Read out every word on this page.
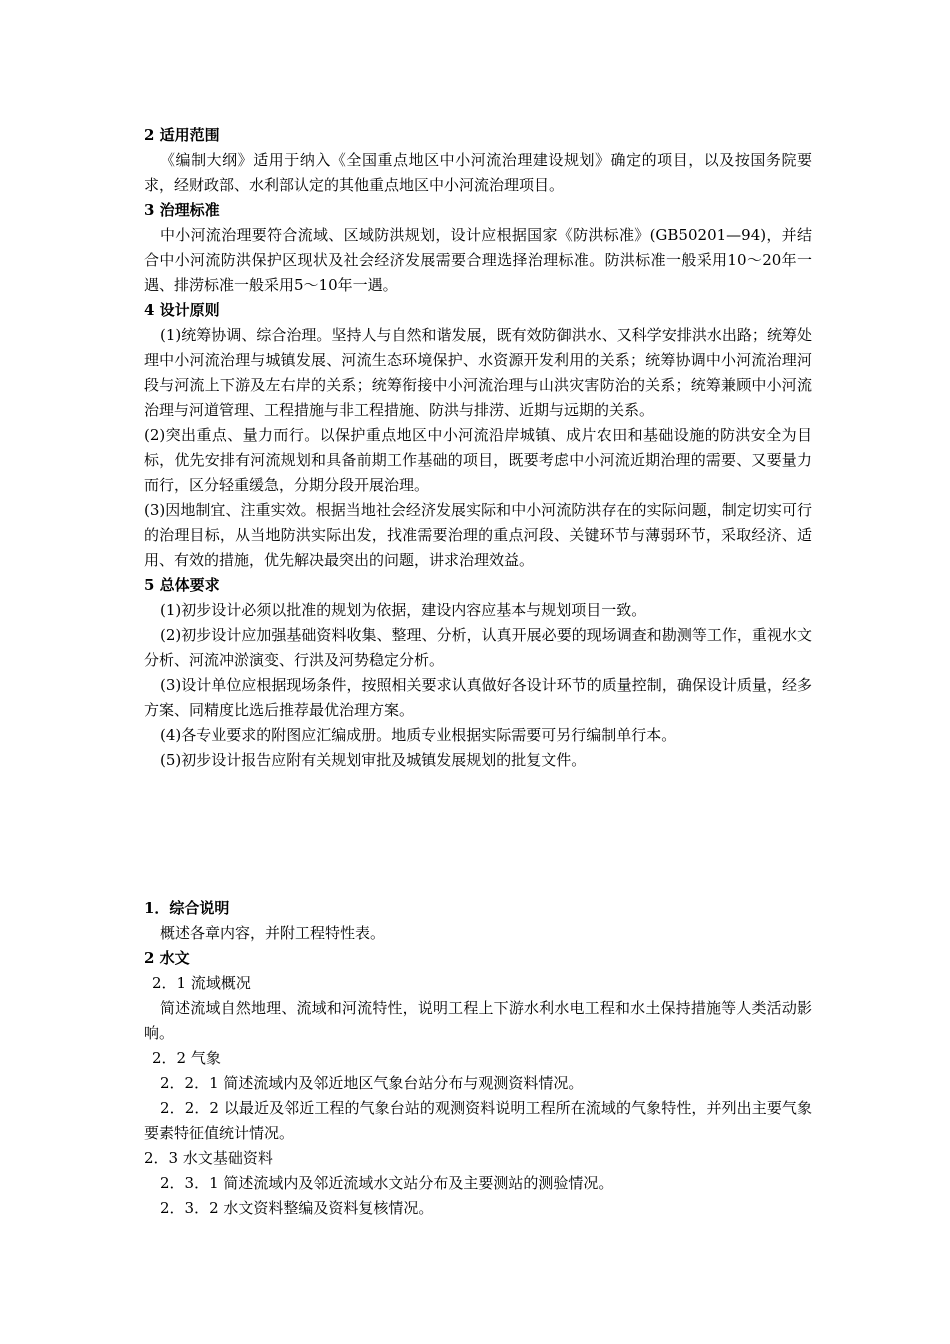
2 适用范围

《编制大纲》适用于纳入《全国重点地区中小河流治理建设规划》确定的项目，以及按国务院要求，经财政部、水利部认定的其他重点地区中小河流治理项目。

3 治理标准

中小河流治理要符合流域、区域防洪规划，设计应根据国家《防洪标准》(GB50201—94)，并结合中小河流防洪保护区现状及社会经济发展需要合理选择治理标准。防洪标准一般采用10～20年一遇、排涝标准一般采用5～10年一遇。

4 设计原则

(1)统筹协调、综合治理。坚持人与自然和谐发展，既有效防御洪水、又科学安排洪水出路；统筹处理中小河流治理与城镇发展、河流生态环境保护、水资源开发利用的关系；统筹协调中小河流治理河段与河流上下游及左右岸的关系；统筹衔接中小河流治理与山洪灾害防治的关系；统筹兼顾中小河流治理与河道管理、工程措施与非工程措施、防洪与排涝、近期与远期的关系。

(2)突出重点、量力而行。以保护重点地区中小河流沿岸城镇、成片农田和基础设施的防洪安全为目标，优先安排有河流规划和具备前期工作基础的项目，既要考虑中小河流近期治理的需要、又要量力而行，区分轻重缓急，分期分段开展治理。

(3)因地制宜、注重实效。根据当地社会经济发展实际和中小河流防洪存在的实际问题，制定切实可行的治理目标，从当地防洪实际出发，找准需要治理的重点河段、关键环节与薄弱环节，采取经济、适用、有效的措施，优先解决最突出的问题，讲求治理效益。

5 总体要求

(1)初步设计必须以批准的规划为依据，建设内容应基本与规划项目一致。

(2)初步设计应加强基础资料收集、整理、分析，认真开展必要的现场调查和勘测等工作，重视水文分析、河流冲淤演变、行洪及河势稳定分析。

(3)设计单位应根据现场条件，按照相关要求认真做好各设计环节的质量控制，确保设计质量，经多方案、同精度比选后推荐最优治理方案。

(4)各专业要求的附图应汇编成册。地质专业根据实际需要可另行编制单行本。

(5)初步设计报告应附有关规划审批及城镇发展规划的批复文件。

1．综合说明

概述各章内容，并附工程特性表。

2 水文

2．1 流域概况

简述流域自然地理、流域和河流特性，说明工程上下游水利水电工程和水土保持措施等人类活动影响。

2．2 气象

2．2．1 简述流域内及邻近地区气象台站分布与观测资料情况。

2．2．2 以最近及邻近工程的气象台站的观测资料说明工程所在流域的气象特性，并列出主要气象要素特征值统计情况。

2．3 水文基础资料

2．3．1 简述流域内及邻近流域水文站分布及主要测站的测验情况。

2．3．2 水文资料整编及资料复核情况。
